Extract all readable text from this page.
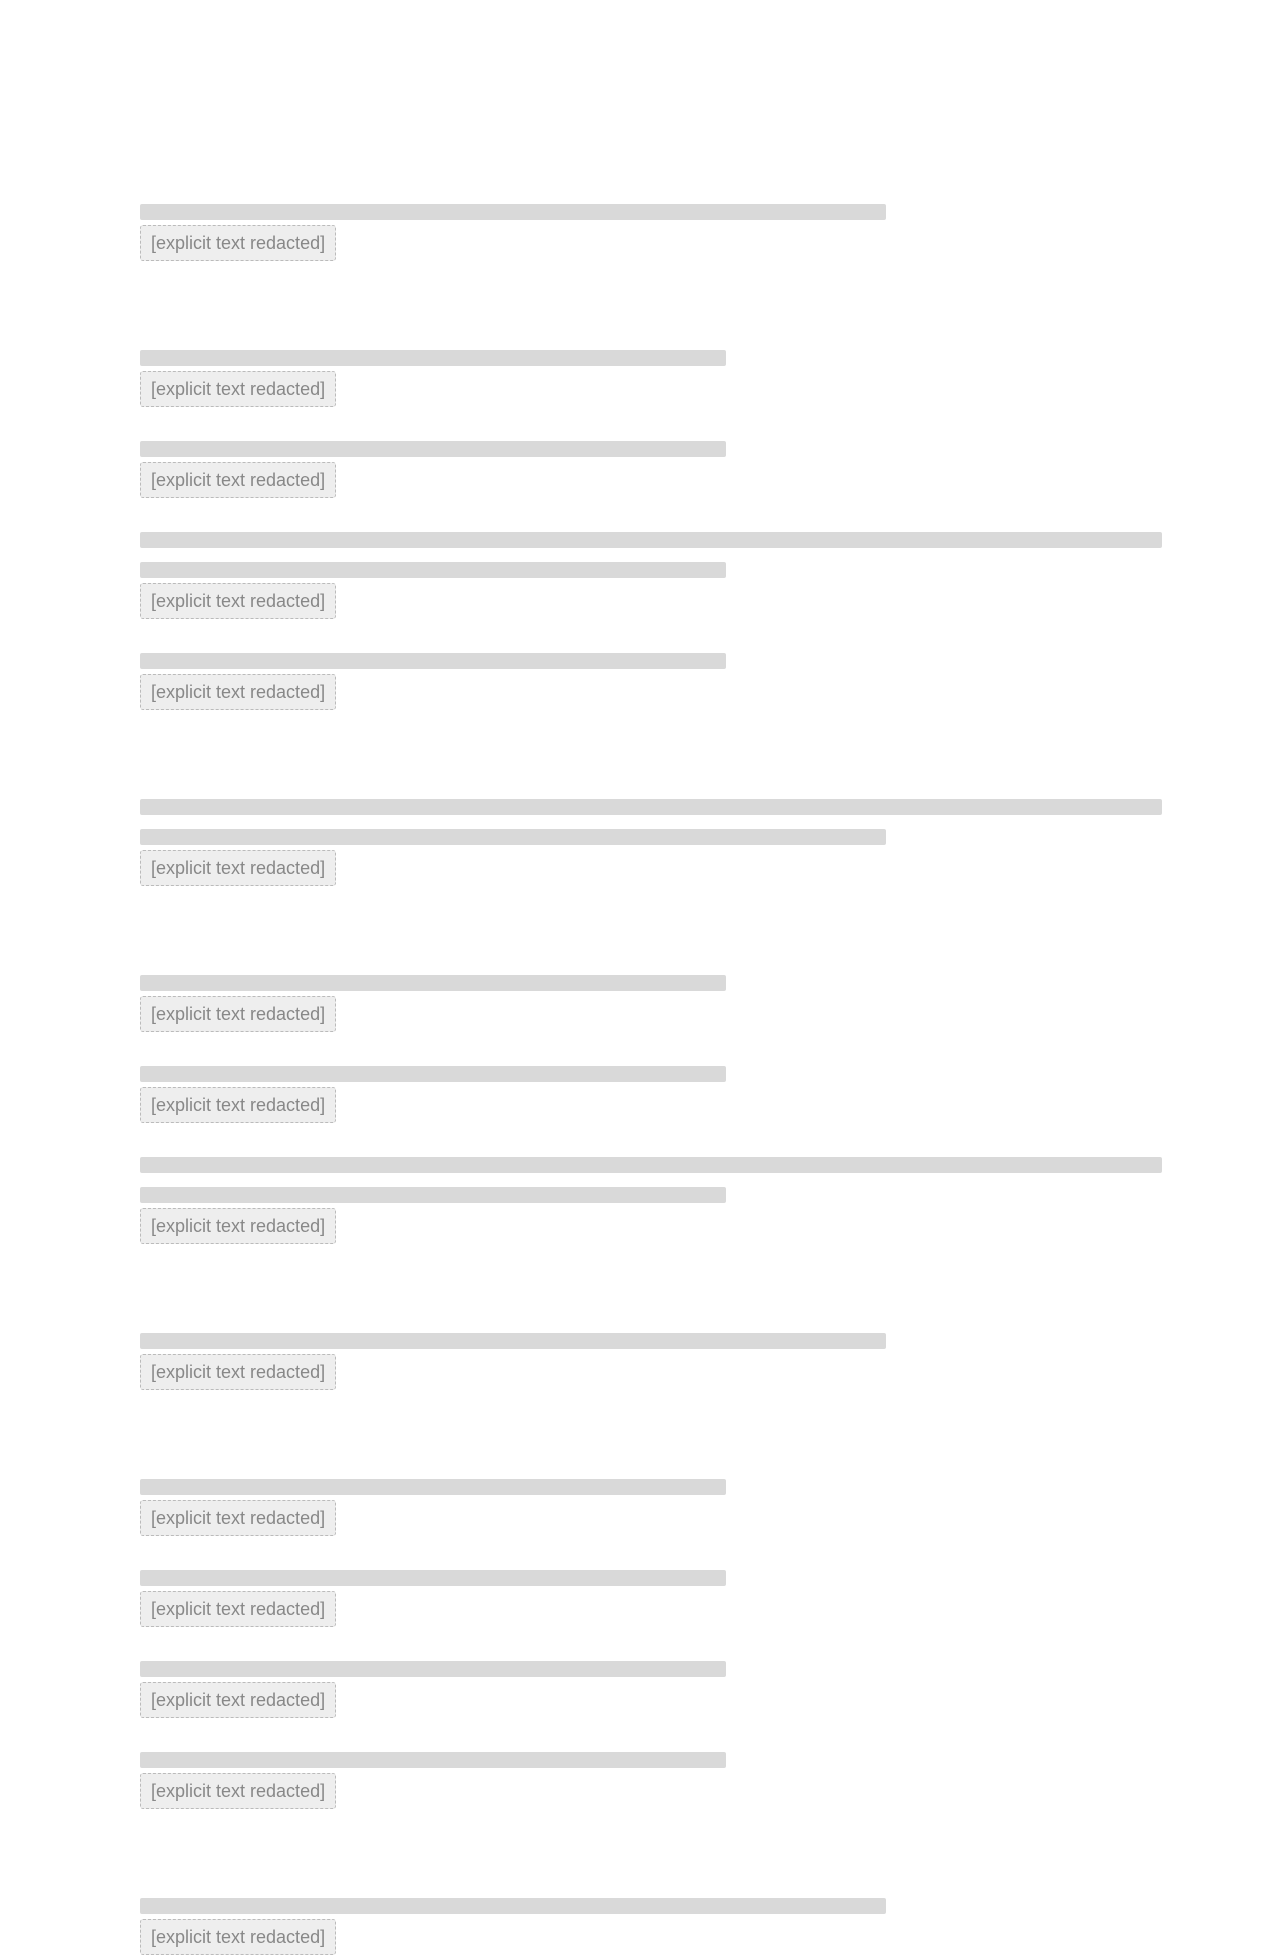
[explicit text redacted]

[explicit text redacted]

[explicit text redacted]

[explicit text redacted]

[explicit text redacted]

[explicit text redacted]

[explicit text redacted]

[explicit text redacted]

[explicit text redacted]

[explicit text redacted]

[explicit text redacted]

[explicit text redacted]

[explicit text redacted]

[explicit text redacted]

[explicit text redacted]
